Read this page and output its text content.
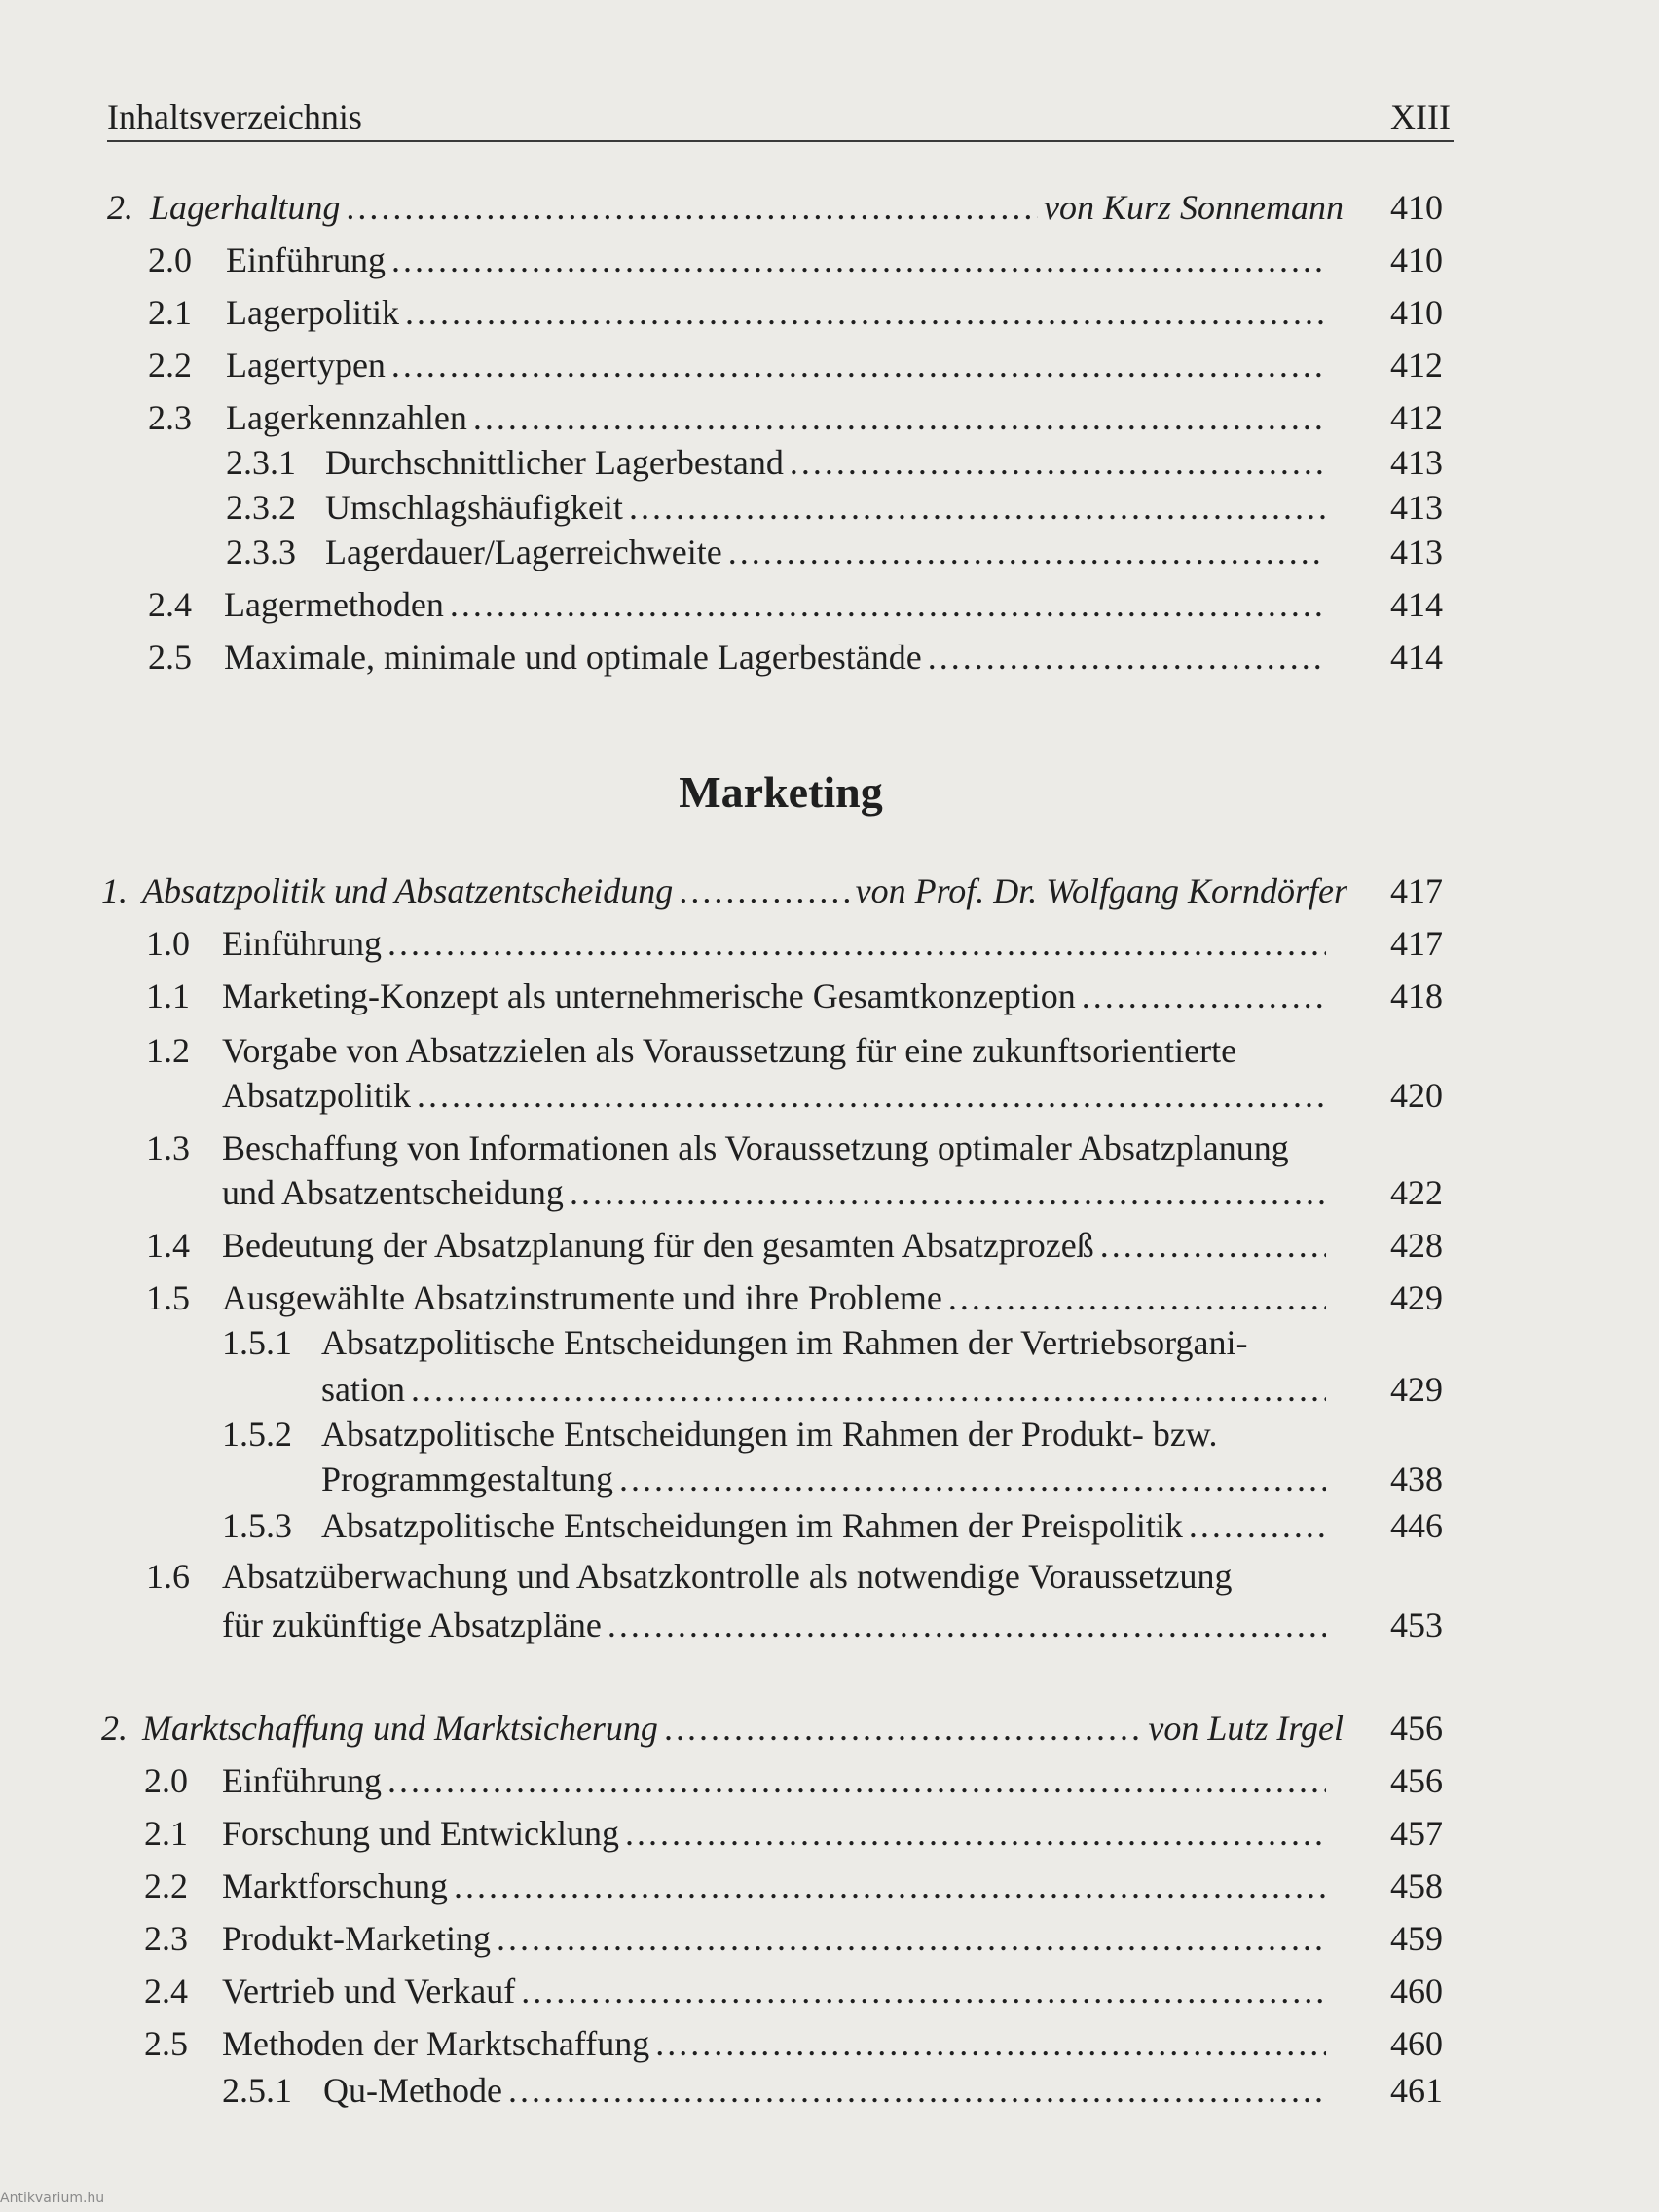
Inhaltsverzeichnis	XIII
2. Lagerhaltung . . .	von Kurz Sonnemann 410
2.0 Einführung . . .	410
2.1 Lagerpolitik . . .	410
2.2 Lagertypen . . .	412
2.3 Lagerkennzahlen . . .	412
2.3.1 Durchschnittlicher Lagerbestand . . .	413
2.3.2 Umschlagshäufigkeit . . .	413
2.3.3 Lagerdauer/Lagerreichweite . . .	413
2.4 Lagermethoden . . .	414
2.5 Maximale, minimale und optimale Lagerbestände . . .	414
Marketing
1. Absatzpolitik und Absatzentscheidung . . .	von Prof. Dr. Wolfgang Korndörfer 417
1.0 Einführung . . .	417
1.1 Marketing-Konzept als unternehmerische Gesamtkonzeption . . .	418
1.2 Vorgabe von Absatzzielen als Voraussetzung für eine zukunftsorientierte
Absatzpolitik . . .	420
1.3 Beschaffung von Informationen als Voraussetzung optimaler Absatzplanung
und Absatzentscheidung . . .	422
1.4 Bedeutung der Absatzplanung für den gesamten Absatzprozeß . . .	428
1.5 Ausgewählte Absatzinstrumente und ihre Probleme . . .	429
1.5.1 Absatzpolitische Entscheidungen im Rahmen der Vertriebsorgani-
sation . . .	429
1.5.2 Absatzpolitische Entscheidungen im Rahmen der Produkt- bzw.
Programmgestaltung . . .	438
1.5.3 Absatzpolitische Entscheidungen im Rahmen der Preispolitik . . .	446
1.6 Absatzüberwachung und Absatzkontrolle als notwendige Voraussetzung
für zukünftige Absatzpläne . . .	453
2. Marktschaffung und Marktsicherung . . .	von Lutz Irgel 456
2.0 Einführung . . .	456
2.1 Forschung und Entwicklung . . .	457
2.2 Marktforschung . . .	458
2.3 Produkt-Marketing . . .	459
2.4 Vertrieb und Verkauf . . .	460
2.5 Methoden der Marktschaffung . . .	460
2.5.1 Qu-Methode . . .	461
Antikvarium.hu
